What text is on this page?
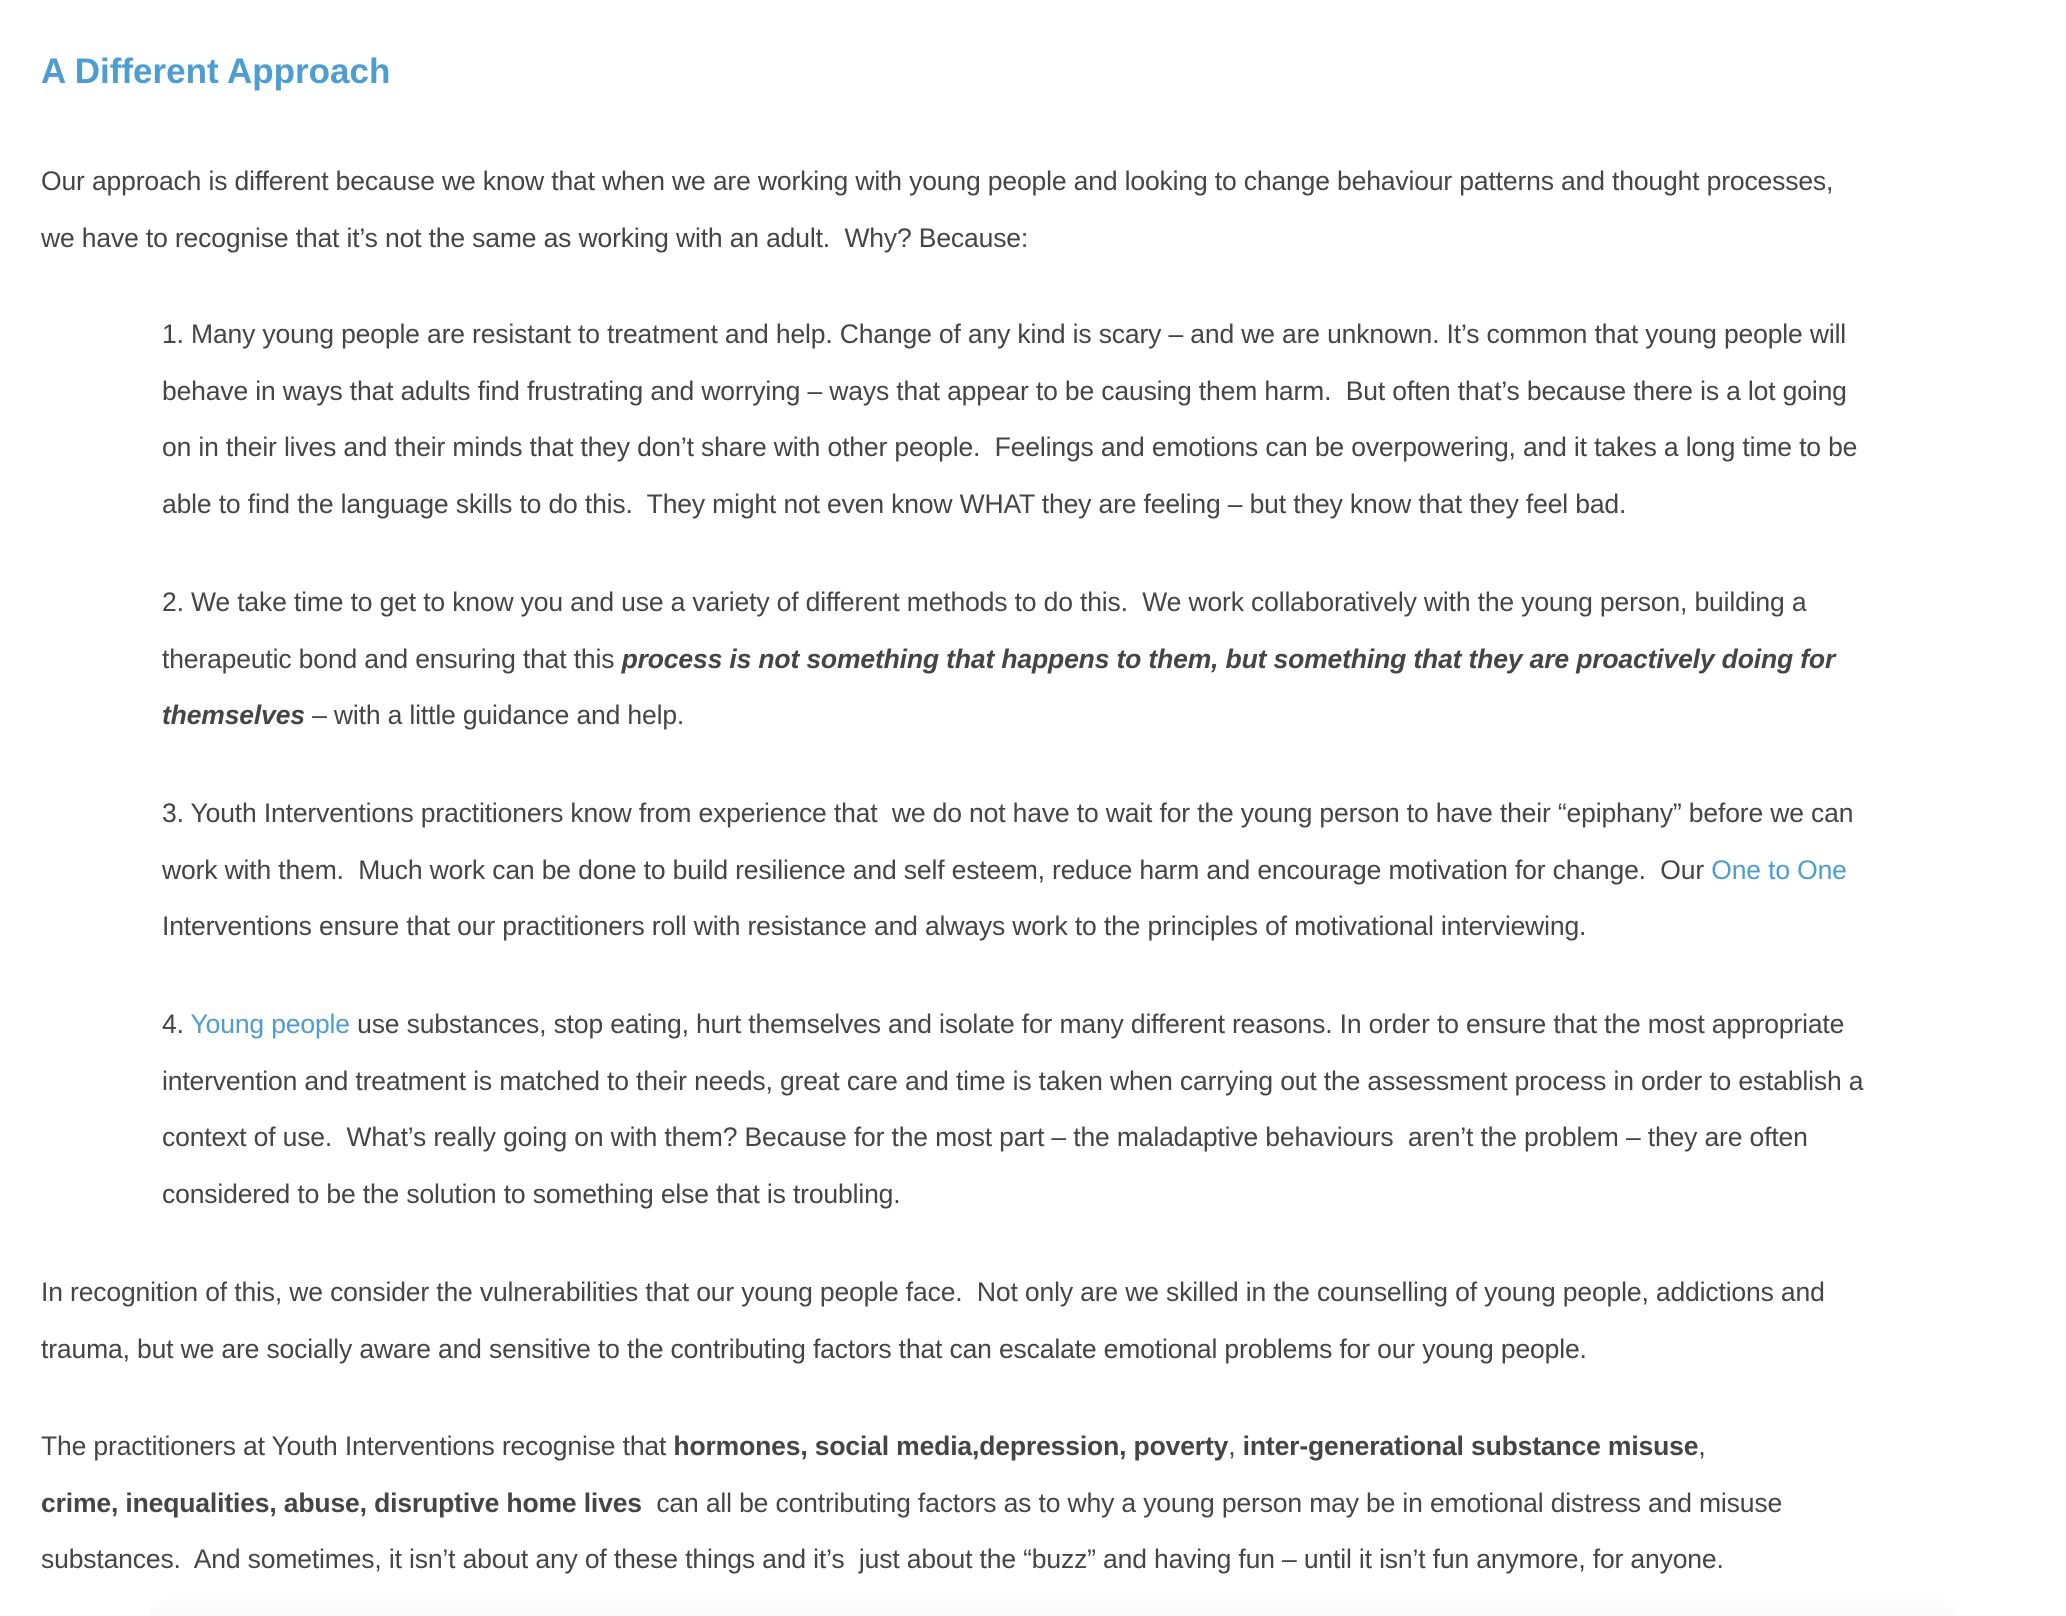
A Different Approach
Our approach is different because we know that when we are working with young people and looking to change behaviour patterns and thought processes,
we have to recognise that it’s not the same as working with an adult.  Why? Because:
1. Many young people are resistant to treatment and help. Change of any kind is scary – and we are unknown. It’s common that young people will
behave in ways that adults find frustrating and worrying – ways that appear to be causing them harm.  But often that’s because there is a lot going
on in their lives and their minds that they don’t share with other people.  Feelings and emotions can be overpowering, and it takes a long time to be
able to find the language skills to do this.  They might not even know WHAT they are feeling – but they know that they feel bad.
2. We take time to get to know you and use a variety of different methods to do this.  We work collaboratively with the young person, building a
therapeutic bond and ensuring that this process is not something that happens to them, but something that they are proactively doing for
themselves – with a little guidance and help.
3. Youth Interventions practitioners know from experience that  we do not have to wait for the young person to have their “epiphany” before we can
work with them.  Much work can be done to build resilience and self esteem, reduce harm and encourage motivation for change.  Our One to One
Interventions ensure that our practitioners roll with resistance and always work to the principles of motivational interviewing.
4. Young people use substances, stop eating, hurt themselves and isolate for many different reasons. In order to ensure that the most appropriate
intervention and treatment is matched to their needs, great care and time is taken when carrying out the assessment process in order to establish a
context of use.  What’s really going on with them? Because for the most part – the maladaptive behaviours  aren’t the problem – they are often
considered to be the solution to something else that is troubling.
In recognition of this, we consider the vulnerabilities that our young people face.  Not only are we skilled in the counselling of young people, addictions and
trauma, but we are socially aware and sensitive to the contributing factors that can escalate emotional problems for our young people.
The practitioners at Youth Interventions recognise that hormones, social media,depression, poverty, inter-generational substance misuse,
crime, inequalities, abuse, disruptive home lives  can all be contributing factors as to why a young person may be in emotional distress and misuse
substances.  And sometimes, it isn’t about any of these things and it’s  just about the “buzz” and having fun – until it isn’t fun anymore, for anyone.
